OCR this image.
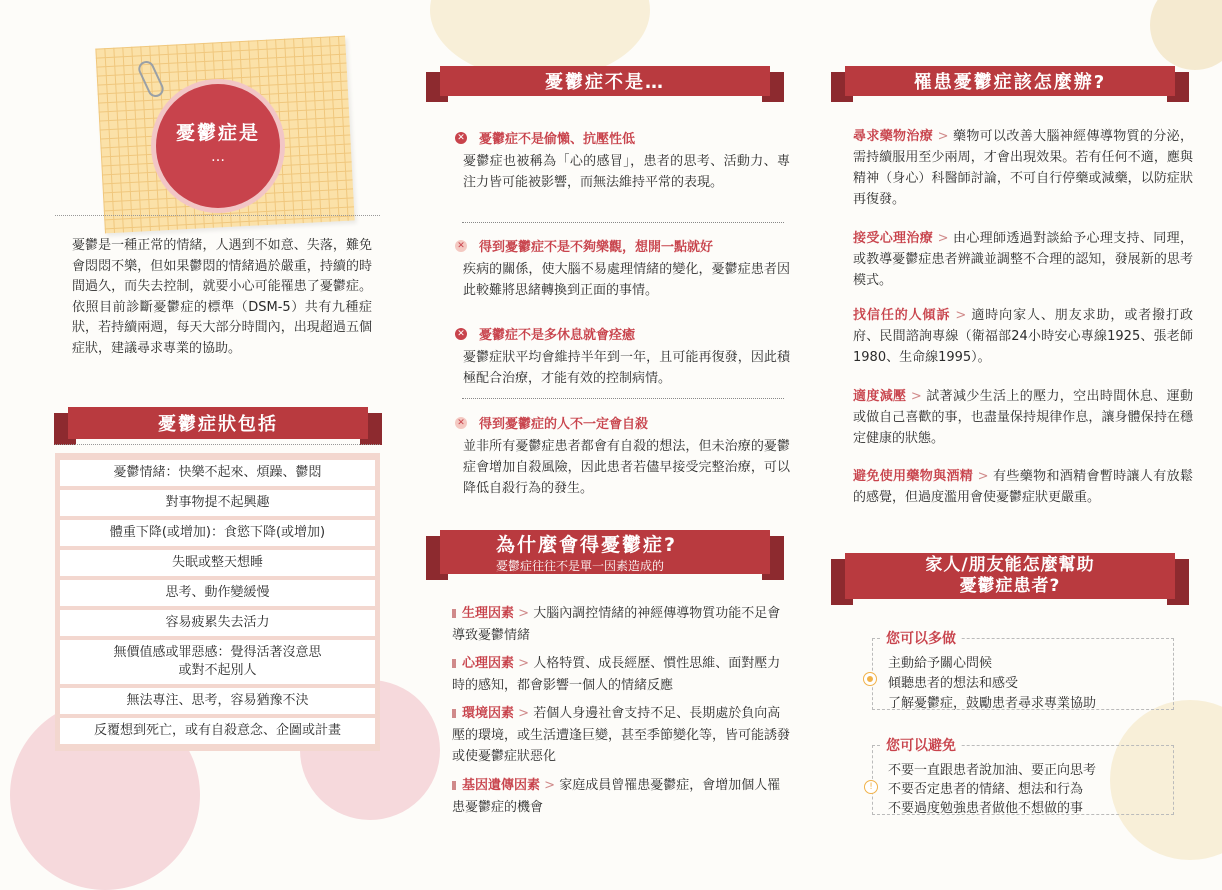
憂鬱症是
…
憂鬱是一種正常的情緒，人遇到不如意、失落，難免會悶悶不樂，但如果鬱悶的情緒過於嚴重，持續的時間過久，而失去控制，就要小心可能罹患了憂鬱症。依照目前診斷憂鬱症的標準（DSM-5）共有九種症狀，若持續兩週，每天大部分時間內，出現超過五個症狀，建議尋求專業的協助。
憂鬱症狀包括
憂鬱情緒：快樂不起來、煩躁、鬱悶
對事物提不起興趣
體重下降(或增加)：食慾下降(或增加)
失眠或整天想睡
思考、動作變緩慢
容易疲累失去活力
無價值感或罪惡感：覺得活著沒意思
或對不起別人
無法專注、思考，容易猶豫不決
反覆想到死亡，或有自殺意念、企圖或計畫
憂鬱症不是…
✕ 憂鬱症不是偷懶、抗壓性低
憂鬱症也被稱為「心的感冒」，患者的思考、活動力、專注力皆可能被影響，而無法維持平常的表現。
✕ 得到憂鬱症不是不夠樂觀，想開一點就好
疾病的關係，使大腦不易處理情緒的變化，憂鬱症患者因此較難將思緒轉換到正面的事情。
✕ 憂鬱症不是多休息就會痊癒
憂鬱症狀平均會維持半年到一年，且可能再復發，因此積極配合治療，才能有效的控制病情。
✕ 得到憂鬱症的人不一定會自殺
並非所有憂鬱症患者都會有自殺的想法，但未治療的憂鬱症會增加自殺風險，因此患者若儘早接受完整治療，可以降低自殺行為的發生。
為什麼會得憂鬱症?
憂鬱症往往不是單一因素造成的
生理因素 > 大腦內調控情緒的神經傳導物質功能不足會導致憂鬱情緒
心理因素 > 人格特質、成長經歷、慣性思維、面對壓力時的感知，都會影響一個人的情緒反應
環境因素 > 若個人身邊社會支持不足、長期處於負向高壓的環境，或生活遭逢巨變，甚至季節變化等，皆可能誘發或使憂鬱症狀惡化
基因遺傳因素 > 家庭成員曾罹患憂鬱症，會增加個人罹患憂鬱症的機會
罹患憂鬱症該怎麼辦?
尋求藥物治療 > 藥物可以改善大腦神經傳導物質的分泌，需持續服用至少兩周，才會出現效果。若有任何不適，應與精神（身心）科醫師討論，不可自行停藥或減藥，以防症狀再復發。
接受心理治療 > 由心理師透過對談給予心理支持、同理，或教導憂鬱症患者辨識並調整不合理的認知，發展新的思考模式。
找信任的人傾訴 > 適時向家人、朋友求助，或者撥打政府、民間諮詢專線（衛福部24小時安心專線1925、張老師1980、生命線1995）。
適度減壓 > 試著減少生活上的壓力，空出時間休息、運動或做自己喜歡的事，也盡量保持規律作息，讓身體保持在穩定健康的狀態。
避免使用藥物與酒精 > 有些藥物和酒精會暫時讓人有放鬆的感覺，但過度濫用會使憂鬱症狀更嚴重。
家人/朋友能怎麼幫助
憂鬱症患者?
您可以多做
主動給予關心問候
傾聽患者的想法和感受
了解憂鬱症，鼓勵患者尋求專業協助
您可以避免
!
不要一直跟患者說加油、要正向思考
不要否定患者的情緒、想法和行為
不要過度勉強患者做他不想做的事
